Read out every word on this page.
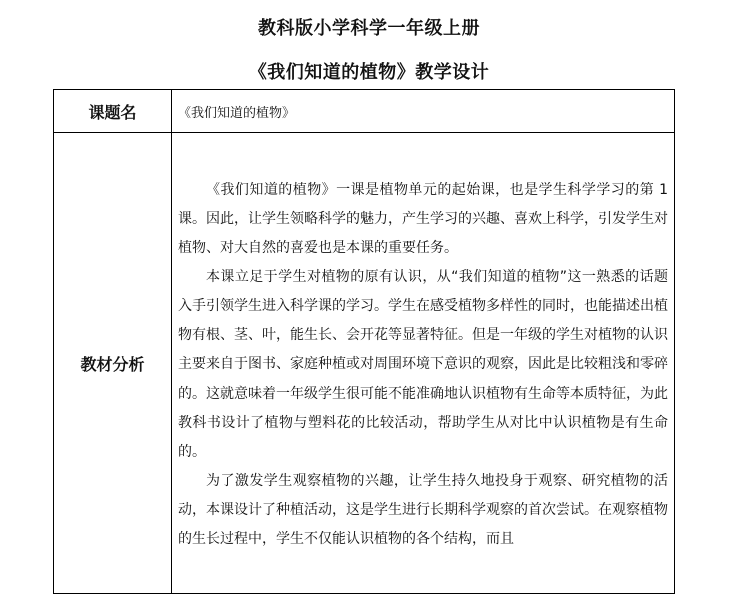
教科版小学科学一年级上册
《我们知道的植物》教学设计
课题名	《我们知道的植物》

教材分析	《我们知道的植物》一课是植物单元的起始课，也是学生科学学习的第 1 课。因此，让学生领略科学的魅力，产生学习的兴趣、喜欢上科学，引发学生对植物、对大自然的喜爱也是本课的重要任务。

本课立足于学生对植物的原有认识，从“我们知道的植物”这一熟悉的话题入手引领学生进入科学课的学习。学生在感受植物多样性的同时，也能描述出植物有根、茎、叶，能生长、会开花等显著特征。但是一年级的学生对植物的认识主要来自于图书、家庭种植或对周围环境下意识的观察，因此是比较粗浅和零碎的。这就意味着一年级学生很可能不能准确地认识植物有生命等本质特征，为此教科书设计了植物与塑料花的比较活动，帮助学生从对比中认识植物是有生命的。

为了激发学生观察植物的兴趣，让学生持久地投身于观察、研究植物的活动，本课设计了种植活动，这是学生进行长期科学观察的首次尝试。在观察植物的生长过程中，学生不仅能认识植物的各个结构，而且
